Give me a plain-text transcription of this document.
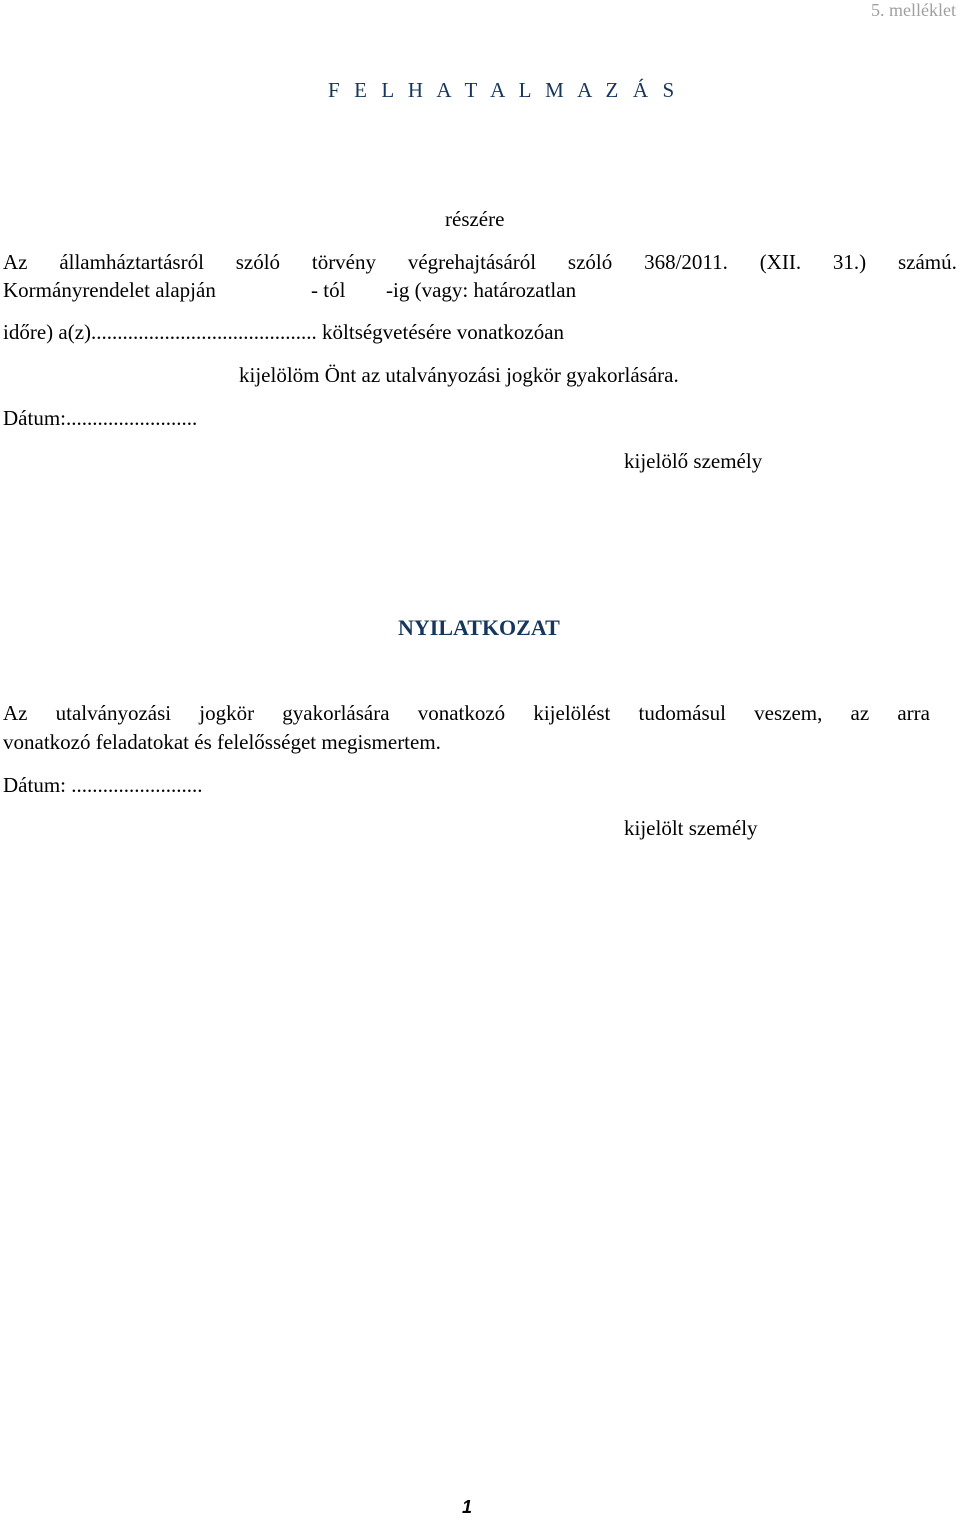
5. melléklet
F E L H A T A L M A Z Á S
részére
Az államháztartásról szóló törvény végrehajtásáról szóló 368/2011. (XII. 31.) számú.
Kormányrendelet alapján	- tól -ig (vagy: határozatlan
időre) a(z)........................................... költségvetésére vonatkozóan
kijelölöm Önt az utalványozási jogkör gyakorlására.
Dátum:.........................
kijelölő személy
NYILATKOZAT
Az utalványozási jogkör gyakorlására vonatkozó kijelölést tudomásul veszem, az arra
vonatkozó feladatokat és felelősséget megismertem.
Dátum: .........................
kijelölt személy
1
